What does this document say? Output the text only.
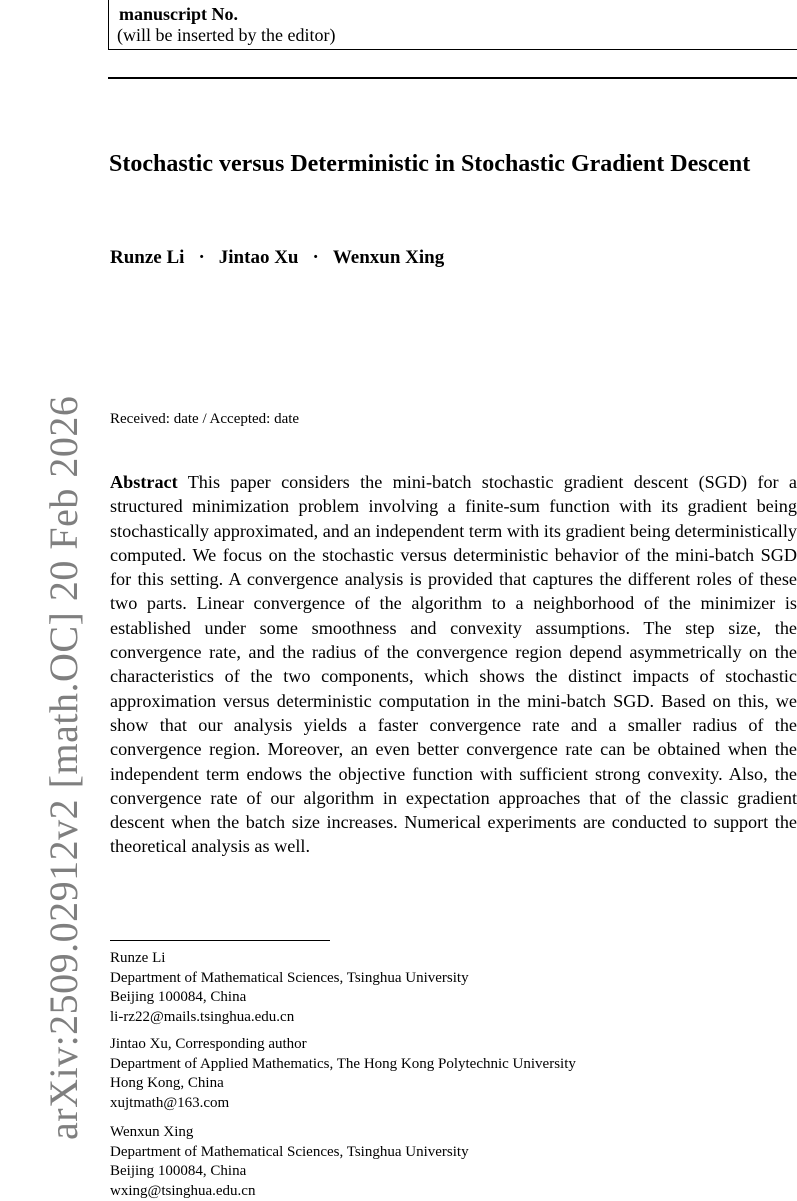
arXiv:2509.02912v2 [math.OC] 20 Feb 2026
manuscript No.
(will be inserted by the editor)
Stochastic versus Deterministic in Stochastic Gradient Descent
Runze Li · Jintao Xu · Wenxun Xing
Received: date / Accepted: date

Abstract This paper considers the mini-batch stochastic gradient descent (SGD) for a structured minimization problem involving a finite-sum function with its gradient being stochastically approximated, and an independent term with its gradient being deterministically computed. We focus on the stochastic versus deterministic behavior of the mini-batch SGD for this setting. A convergence analysis is provided that captures the different roles of these two parts. Linear convergence of the algorithm to a neighborhood of the minimizer is established under some smoothness and convexity assumptions. The step size, the convergence rate, and the radius of the convergence region depend asymmetrically on the characteristics of the two components, which shows the distinct impacts of stochastic approximation versus deterministic computation in the mini-batch SGD. Based on this, we show that our analysis yields a faster convergence rate and a smaller radius of the convergence region. Moreover, an even better convergence rate can be obtained when the independent term endows the objective function with sufficient strong convexity. Also, the convergence rate of our algorithm in expectation approaches that of the classic gradient descent when the batch size increases. Numerical experiments are conducted to support the theoretical analysis as well.

Runze Li
Department of Mathematical Sciences, Tsinghua University
Beijing 100084, China
li-rz22@mails.tsinghua.edu.cn
Jintao Xu, Corresponding author
Department of Applied Mathematics, The Hong Kong Polytechnic University
Hong Kong, China
xujtmath@163.com
Wenxun Xing
Department of Mathematical Sciences, Tsinghua University
Beijing 100084, China
wxing@tsinghua.edu.cn
